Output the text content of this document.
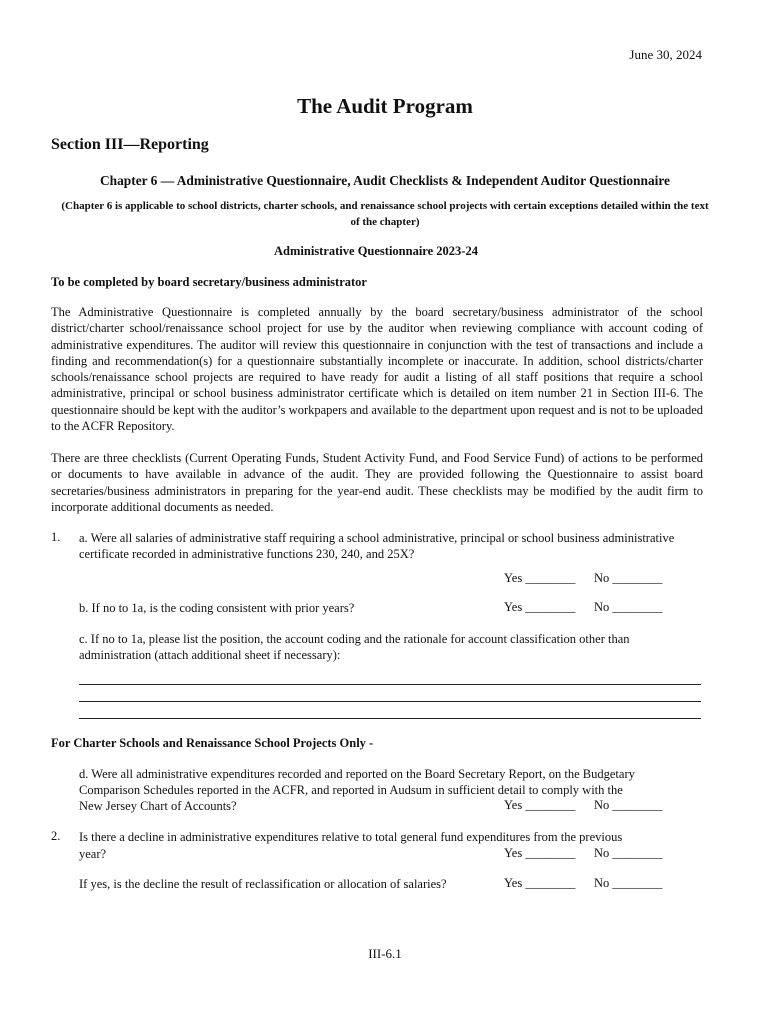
June 30, 2024
The Audit Program
Section III—Reporting
Chapter 6 — Administrative Questionnaire, Audit Checklists & Independent Auditor Questionnaire
(Chapter 6 is applicable to school districts, charter schools, and renaissance school projects with certain exceptions detailed within the text of the chapter)
Administrative Questionnaire 2023-24
To be completed by board secretary/business administrator
The Administrative Questionnaire is completed annually by the board secretary/business administrator of the school district/charter school/renaissance school project for use by the auditor when reviewing compliance with account coding of administrative expenditures. The auditor will review this questionnaire in conjunction with the test of transactions and include a finding and recommendation(s) for a questionnaire substantially incomplete or inaccurate. In addition, school districts/charter schools/renaissance school projects are required to have ready for audit a listing of all staff positions that require a school administrative, principal or school business administrator certificate which is detailed on item number 21 in Section III-6. The questionnaire should be kept with the auditor’s workpapers and available to the department upon request and is not to be uploaded to the ACFR Repository.
There are three checklists (Current Operating Funds, Student Activity Fund, and Food Service Fund) of actions to be performed or documents to have available in advance of the audit. They are provided following the Questionnaire to assist board secretaries/business administrators in preparing for the year-end audit. These checklists may be modified by the audit firm to incorporate additional documents as needed.
1. a. Were all salaries of administrative staff requiring a school administrative, principal or school business administrative certificate recorded in administrative functions 230, 240, and 25X?
Yes ________ No ________
b. If no to 1a, is the coding consistent with prior years?	Yes ________ No ________
c. If no to 1a, please list the position, the account coding and the rationale for account classification other than administration (attach additional sheet if necessary):
For Charter Schools and Renaissance School Projects Only -
d. Were all administrative expenditures recorded and reported on the Board Secretary Report, on the Budgetary
Comparison Schedules reported in the ACFR, and reported in Audsum in sufficient detail to comply with the
New Jersey Chart of Accounts?	Yes ________ No ________
2. Is there a decline in administrative expenditures relative to total general fund expenditures from the previous
year?	Yes ________ No ________
If yes, is the decline the result of reclassification or allocation of salaries?	Yes ________ No ________
III-6.1
